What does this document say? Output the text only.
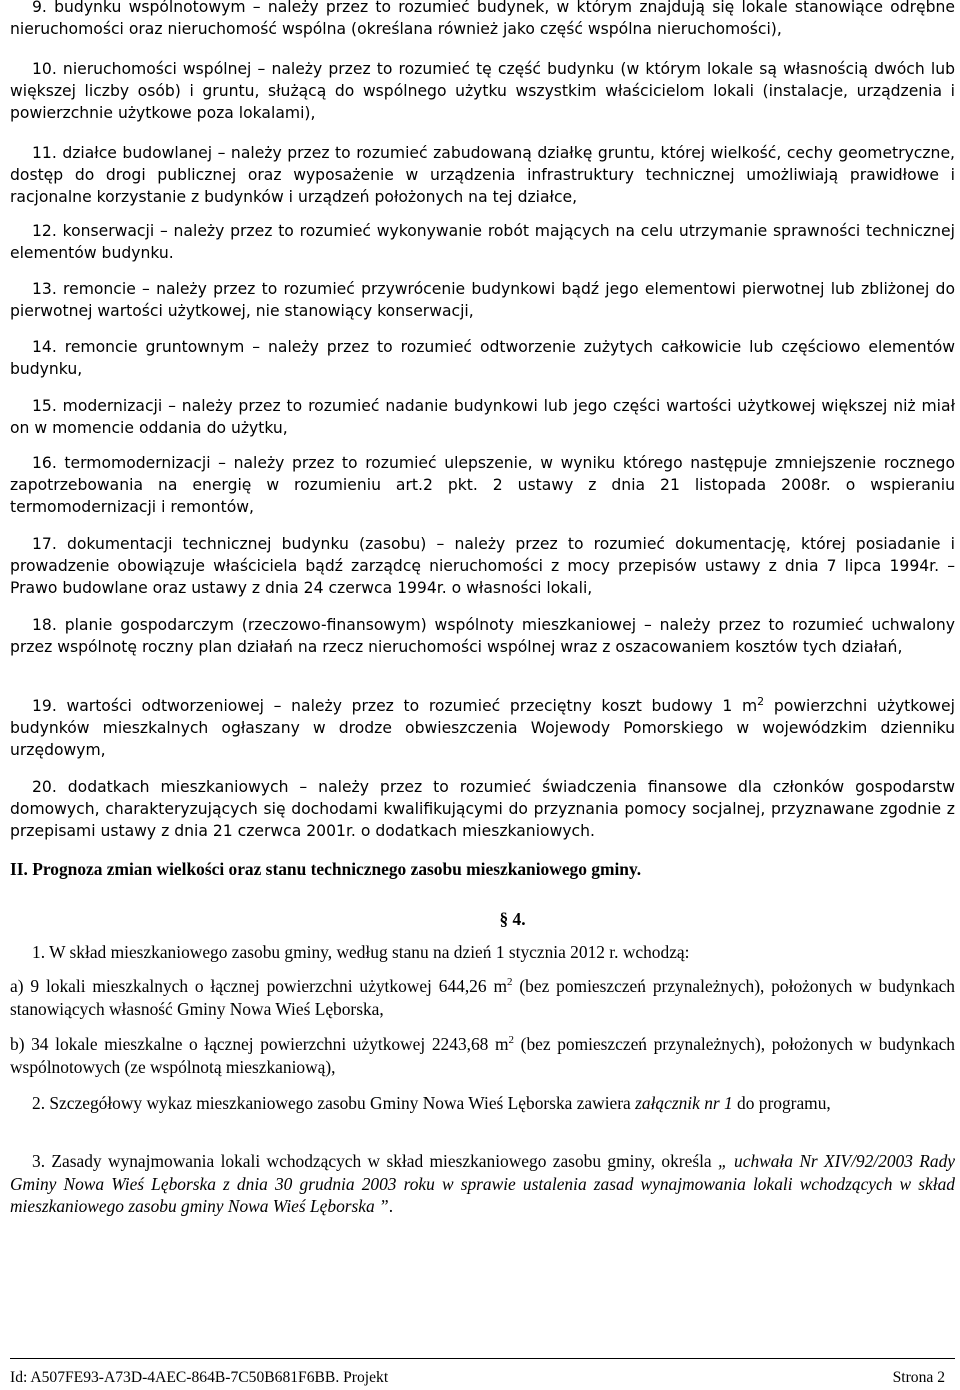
9. budynku wspólnotowym – należy przez to rozumieć budynek, w którym znajdują się lokale stanowiące odrębne nieruchomości oraz nieruchomość wspólna (określana również jako część wspólna nieruchomości),

10. nieruchomości wspólnej – należy przez to rozumieć tę część budynku (w którym lokale są własnością dwóch lub większej liczby osób) i gruntu, służącą do wspólnego użytku wszystkim właścicielom lokali (instalacje, urządzenia i powierzchnie użytkowe poza lokalami),

11. działce budowlanej – należy przez to rozumieć zabudowaną działkę gruntu, której wielkość, cechy geometryczne, dostęp do drogi publicznej oraz wyposażenie w urządzenia infrastruktury technicznej umożliwiają prawidłowe i racjonalne korzystanie z budynków i urządzeń położonych na tej działce,

12. konserwacji – należy przez to rozumieć wykonywanie robót mających na celu utrzymanie sprawności technicznej elementów budynku.

13. remoncie – należy przez to rozumieć przywrócenie budynkowi bądź jego elementowi pierwotnej lub zbliżonej do pierwotnej wartości użytkowej, nie stanowiący konserwacji,

14. remoncie gruntownym – należy przez to rozumieć odtworzenie zużytych całkowicie lub częściowo elementów budynku,

15. modernizacji – należy przez to rozumieć nadanie budynkowi lub jego części wartości użytkowej większej niż miał on w momencie oddania do użytku,

16. termomodernizacji – należy przez to rozumieć ulepszenie, w wyniku którego następuje zmniejszenie rocznego zapotrzebowania na energię w rozumieniu art.2 pkt. 2 ustawy z dnia 21 listopada 2008r. o wspieraniu termomodernizacji i remontów,

17. dokumentacji technicznej budynku (zasobu) – należy przez to rozumieć dokumentację, której posiadanie i prowadzenie obowiązuje właściciela bądź zarządcę nieruchomości z mocy przepisów ustawy z dnia 7 lipca 1994r. – Prawo budowlane oraz ustawy z dnia 24 czerwca 1994r. o własności lokali,

18. planie gospodarczym (rzeczowo-finansowym) wspólnoty mieszkaniowej – należy przez to rozumieć uchwalony przez wspólnotę roczny plan działań na rzecz nieruchomości wspólnej wraz z oszacowaniem kosztów tych działań,

19. wartości odtworzeniowej – należy przez to rozumieć przeciętny koszt budowy 1 $m^2$ powierzchni użytkowej budynków mieszkalnych ogłaszany w drodze obwieszczenia Wojewody Pomorskiego w wojewódzkim dzienniku urzędowym,

20. dodatkach mieszkaniowych – należy przez to rozumieć świadczenia finansowe dla członków gospodarstw domowych, charakteryzujących się dochodami kwalifikującymi do przyznania pomocy socjalnej, przyznawane zgodnie z przepisami ustawy z dnia 21 czerwca 2001r. o dodatkach mieszkaniowych.

II. Prognoza zmian wielkości oraz stanu technicznego zasobu mieszkaniowego gminy.

§ 4.

1. W skład mieszkaniowego zasobu gminy, według stanu na dzień 1 stycznia 2012 r. wchodzą:

a) 9 lokali mieszkalnych o łącznej powierzchni użytkowej 644,26 $m^2$ (bez pomieszczeń przynależnych), położonych w budynkach stanowiących własność Gminy Nowa Wieś Lęborska,

b) 34 lokale mieszkalne o łącznej powierzchni użytkowej 2243,68 $m^2$ (bez pomieszczeń przynależnych), położonych w budynkach wspólnotowych (ze wspólnotą mieszkaniową),

2. Szczegółowy wykaz mieszkaniowego zasobu Gminy Nowa Wieś Lęborska zawiera załącznik nr 1 do programu,

3. Zasady wynajmowania lokali wchodzących w skład mieszkaniowego zasobu gminy, określa „ uchwała Nr XIV/92/2003 Rady Gminy Nowa Wieś Lęborska z dnia 30 grudnia 2003 roku w sprawie ustalenia zasad wynajmowania lokali wchodzących w skład mieszkaniowego zasobu gminy Nowa Wieś Lęborska ”.

Id: A507FE93-A73D-4AEC-864B-7C50B681F6BB. Projekt	Strona 2
